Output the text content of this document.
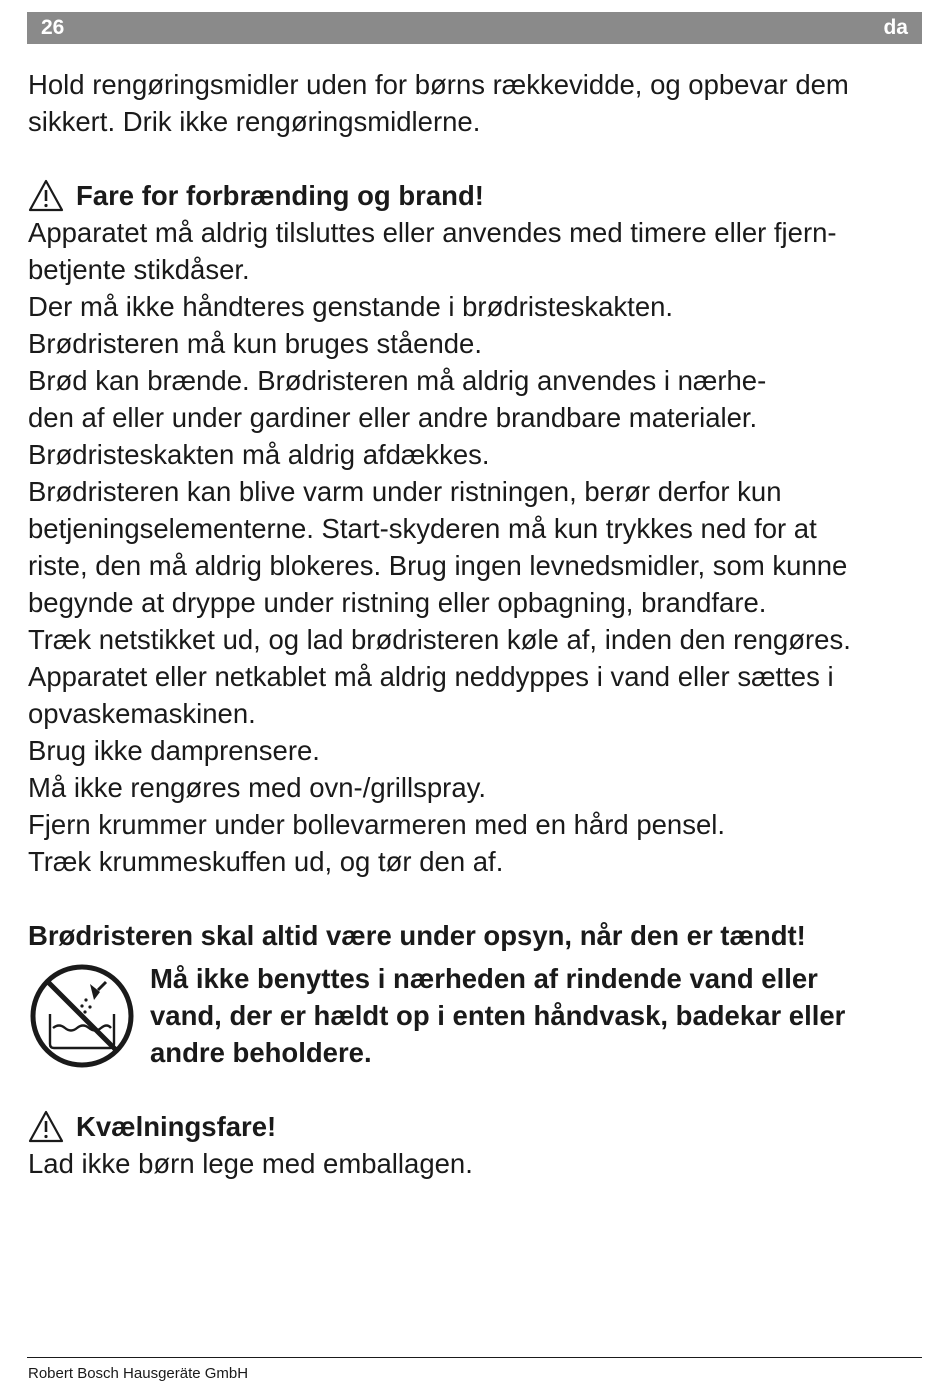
26	da
Hold rengøringsmidler uden for børns rækkevidde, og opbevar dem
sikkert. Drik ikke rengøringsmidlerne.
Fare for forbrænding og brand!
Apparatet må aldrig tilsluttes eller anvendes med timere eller fjern-
betjente stikdåser.
Der må ikke håndteres genstande i brødristeskakten.
Brødristeren må kun bruges stående.
Brød kan brænde. Brødristeren må aldrig anvendes i nærhe-
den af eller under gardiner eller andre brandbare materialer.
Brødristeskakten må aldrig afdækkes.
Brødristeren kan blive varm under ristningen, berør derfor kun
betjeningselementerne. Start-skyderen må kun trykkes ned for at
riste, den må aldrig blokeres. Brug ingen levnedsmidler, som kunne
begynde at dryppe under ristning eller opbagning, brandfare.
Træk netstikket ud, og lad brødristeren køle af, inden den rengøres.
Apparatet eller netkablet må aldrig neddyppes i vand eller sættes i
opvaskemaskinen.
Brug ikke damprensere.
Må ikke rengøres med ovn-/grillspray.
Fjern krummer under bollevarmeren med en hård pensel.
Træk krummeskuffen ud, og tør den af.
Brødristeren skal altid være under opsyn, når den er tændt!
Må ikke benyttes i nærheden af rindende vand eller
vand, der er hældt op i enten håndvask, badekar eller
andre beholdere.
Kvælningsfare!
Lad ikke børn lege med emballagen.
Robert Bosch Hausgeräte GmbH
